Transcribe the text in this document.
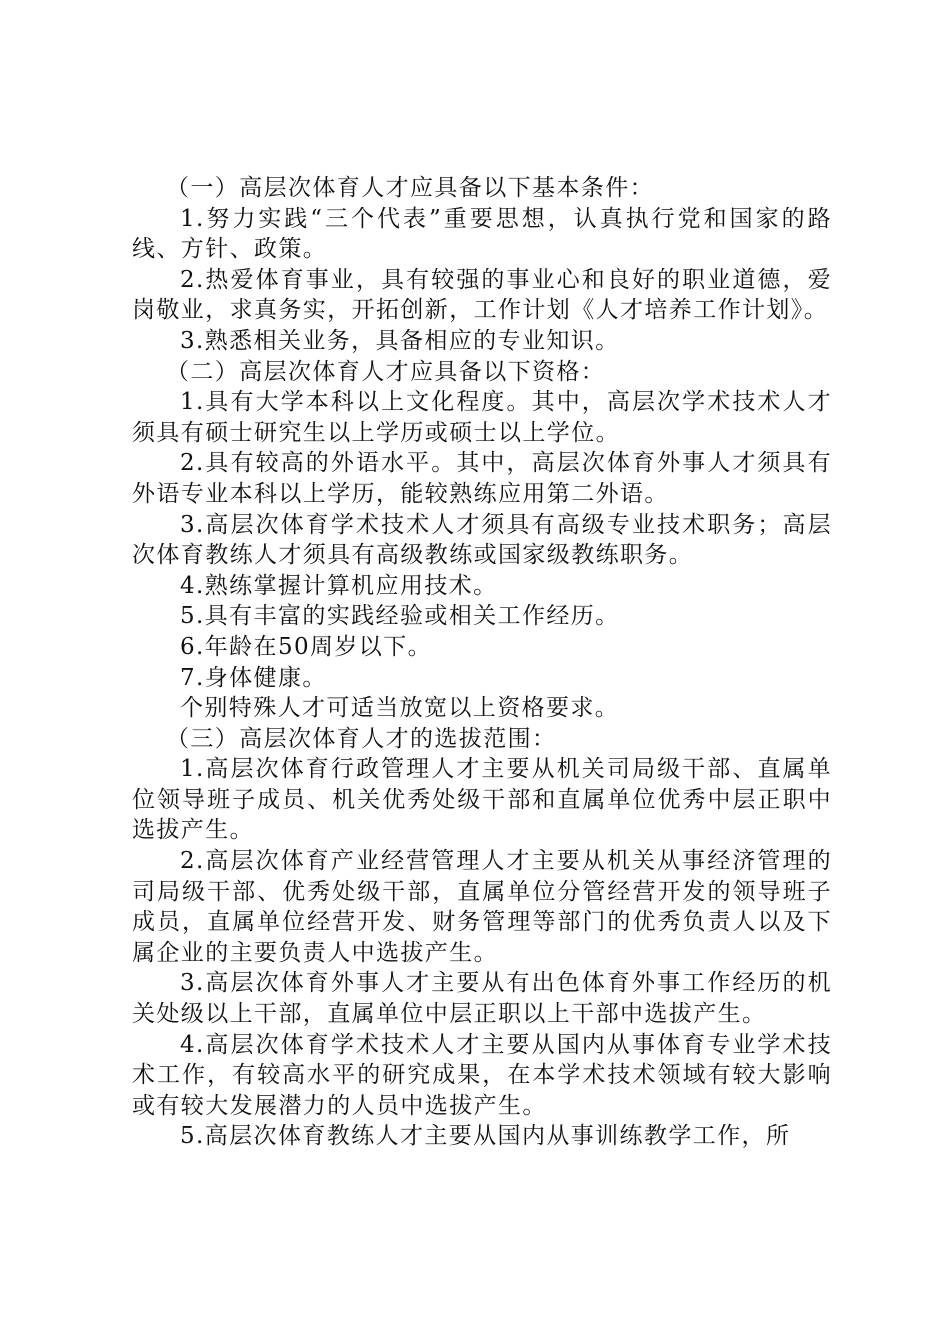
（一）高层次体育人才应具备以下基本条件：

1.努力实践“三个代表”重要思想，认真执行党和国家的路线、方针、政策。

2.热爱体育事业，具有较强的事业心和良好的职业道德，爱岗敬业，求真务实，开拓创新，工作计划《人才培养工作计划》。

3.熟悉相关业务，具备相应的专业知识。

（二）高层次体育人才应具备以下资格：

1.具有大学本科以上文化程度。其中，高层次学术技术人才须具有硕士研究生以上学历或硕士以上学位。

2.具有较高的外语水平。其中，高层次体育外事人才须具有外语专业本科以上学历，能较熟练应用第二外语。

3.高层次体育学术技术人才须具有高级专业技术职务；高层次体育教练人才须具有高级教练或国家级教练职务。

4.熟练掌握计算机应用技术。

5.具有丰富的实践经验或相关工作经历。

6.年龄在50周岁以下。

7.身体健康。

个别特殊人才可适当放宽以上资格要求。

（三）高层次体育人才的选拔范围：

1.高层次体育行政管理人才主要从机关司局级干部、直属单位领导班子成员、机关优秀处级干部和直属单位优秀中层正职中选拔产生。

2.高层次体育产业经营管理人才主要从机关从事经济管理的司局级干部、优秀处级干部，直属单位分管经营开发的领导班子成员，直属单位经营开发、财务管理等部门的优秀负责人以及下属企业的主要负责人中选拔产生。

3.高层次体育外事人才主要从有出色体育外事工作经历的机关处级以上干部，直属单位中层正职以上干部中选拔产生。

4.高层次体育学术技术人才主要从国内从事体育专业学术技术工作，有较高水平的研究成果，在本学术技术领域有较大影响或有较大发展潜力的人员中选拔产生。

5.高层次体育教练人才主要从国内从事训练教学工作，所
